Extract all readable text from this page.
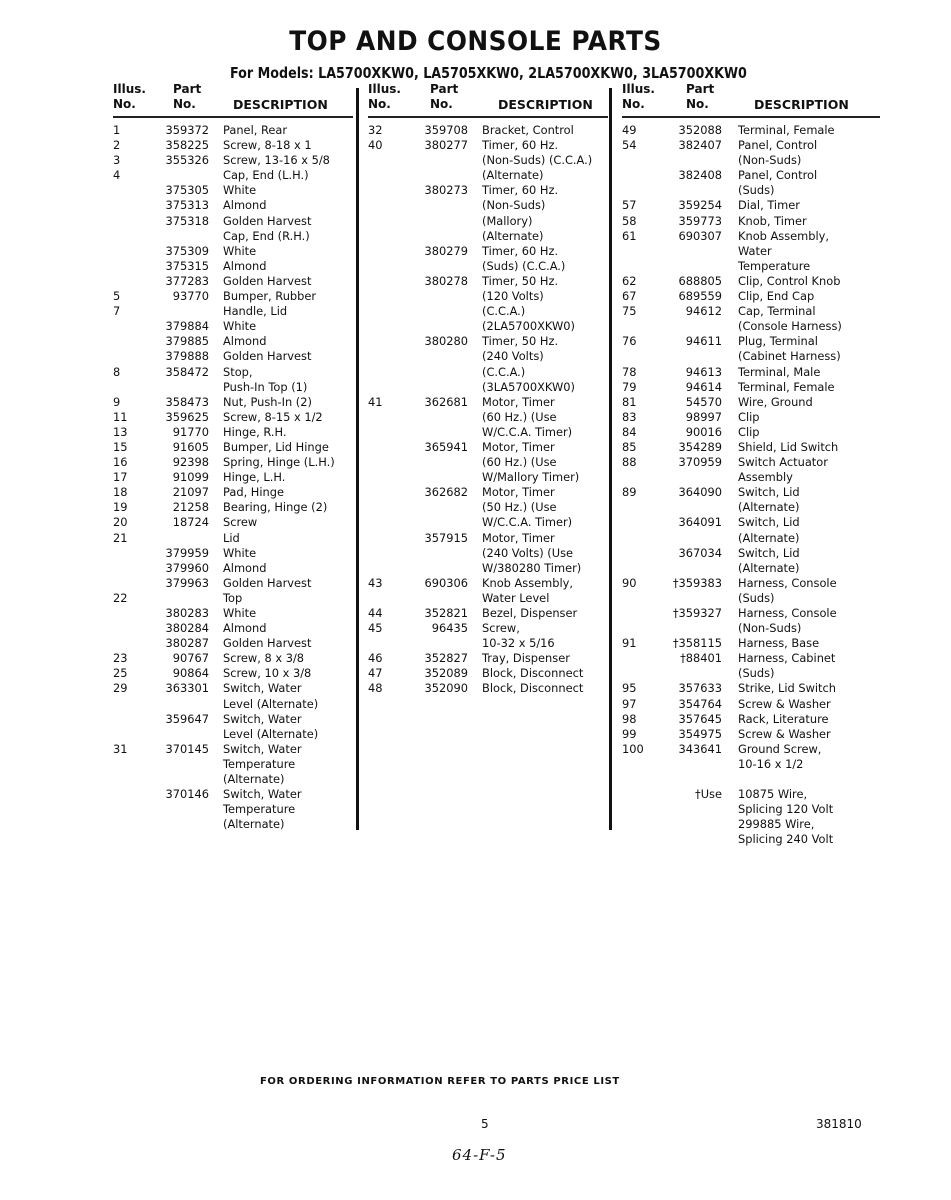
TOP AND CONSOLE PARTS
For Models: LA5700XKW0, LA5705XKW0, 2LA5700XKW0, 3LA5700XKW0
Illus.
No.
Part
No.	DESCRIPTION
1	359372 Panel, Rear
2	358225 Screw, 8-18 x 1
3	355326 Screw, 13-16 x 5/8
4	Cap, End (L.H.)
375305 White
375313 Almond
375318 Golden Harvest
Cap, End (R.H.)
375309 White
375315 Almond
377283 Golden Harvest
5	93770 Bumper, Rubber
7	Handle, Lid
379884 White
379885 Almond
379888 Golden Harvest
8	358472 Stop,
Push-In Top (1)
9	358473 Nut, Push-In (2)
11	359625 Screw, 8-15 x 1/2
13	91770 Hinge, R.H.
15	91605 Bumper, Lid Hinge
16	92398 Spring, Hinge (L.H.)
17	91099 Hinge, L.H.
18	21097 Pad, Hinge
19	21258 Bearing, Hinge (2)
20	18724 Screw
21	Lid
379959 White
379960 Almond
379963 Golden Harvest
22	Top
380283 White
380284 Almond
380287 Golden Harvest
23	90767 Screw, 8 x 3/8
25	90864 Screw, 10 x 3/8
29	363301 Switch, Water
Level (Alternate)
359647 Switch, Water
Level (Alternate)
31	370145 Switch, Water
Temperature
(Alternate)
370146 Switch, Water
Temperature
(Alternate)
Illus.
No.
Part
No.	DESCRIPTION
32	359708 Bracket, Control
40	380277 Timer, 60 Hz.
(Non-Suds) (C.C.A.)
(Alternate)
380273 Timer, 60 Hz.
(Non-Suds)
(Mallory)
(Alternate)
380279 Timer, 60 Hz.
(Suds) (C.C.A.)
380278 Timer, 50 Hz.
(120 Volts)
(C.C.A.)
(2LA5700XKW0)
380280 Timer, 50 Hz.
(240 Volts)
(C.C.A.)
(3LA5700XKW0)
41	362681 Motor, Timer
(60 Hz.) (Use
W/C.C.A. Timer)
365941 Motor, Timer
(60 Hz.) (Use
W/Mallory Timer)
362682 Motor, Timer
(50 Hz.) (Use
W/C.C.A. Timer)
357915 Motor, Timer
(240 Volts) (Use
W/380280 Timer)
43	690306 Knob Assembly,
Water Level
44	352821 Bezel, Dispenser
45	96435 Screw,
10-32 x 5/16
46	352827 Tray, Dispenser
47	352089 Block, Disconnect
48	352090 Block, Disconnect
Illus.
No.
Part
No.	DESCRIPTION
49	352088 Terminal, Female
54	382407 Panel, Control
(Non-Suds)
382408 Panel, Control
(Suds)
57	359254 Dial, Timer
58	359773 Knob, Timer
61	690307 Knob Assembly,
Water
Temperature
62	688805 Clip, Control Knob
67	689559 Clip, End Cap
75	94612 Cap, Terminal
(Console Harness)
76	94611 Plug, Terminal
(Cabinet Harness)
78	94613 Terminal, Male
79	94614 Terminal, Female
81	54570 Wire, Ground
83	98997 Clip
84	90016 Clip
85	354289 Shield, Lid Switch
88	370959 Switch Actuator
Assembly
89	364090 Switch, Lid
(Alternate)
364091 Switch, Lid
(Alternate)
367034 Switch, Lid
(Alternate)
90	†359383 Harness, Console
(Suds)
†359327 Harness, Console
(Non-Suds)
91	†358115 Harness, Base
†88401 Harness, Cabinet
(Suds)
95	357633 Strike, Lid Switch
97	354764 Screw & Washer
98	357645 Rack, Literature
99	354975 Screw & Washer
100	343641 Ground Screw,
10-16 x 1/2
†Use 10875 Wire,
Splicing 120 Volt
299885 Wire,
Splicing 240 Volt
FOR ORDERING INFORMATION REFER TO PARTS PRICE LIST
5	381810
64-F-5
